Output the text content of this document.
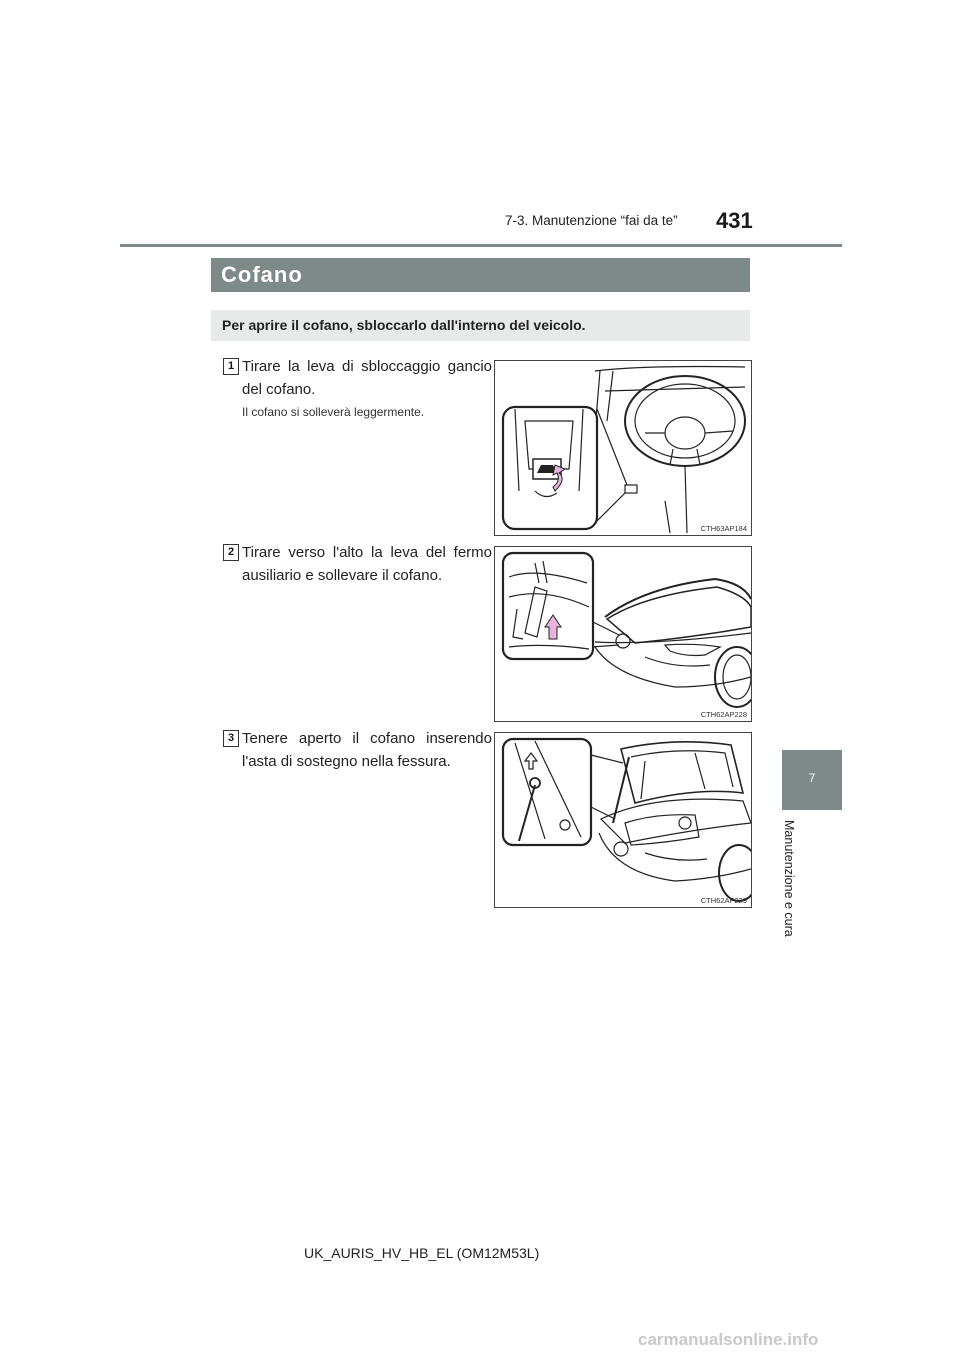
431
7-3. Manutenzione “fai da te”
Cofano
Per aprire il cofano, sbloccarlo dall'interno del veicolo.
7
Manutenzione e cura
1 Tirare la leva di sbloccaggio gancio del cofano.
Il cofano si solleverà leggermente.
CTH63AP184
2 Tirare verso l'alto la leva del fermo ausiliario e sollevare il cofano.
CTH62AP228
3 Tenere aperto il cofano inserendo l'asta di sostegno nella fessura.
CTH62AP229
UK_AURIS_HV_HB_EL (OM12M53L)
carmanualsonline.info
